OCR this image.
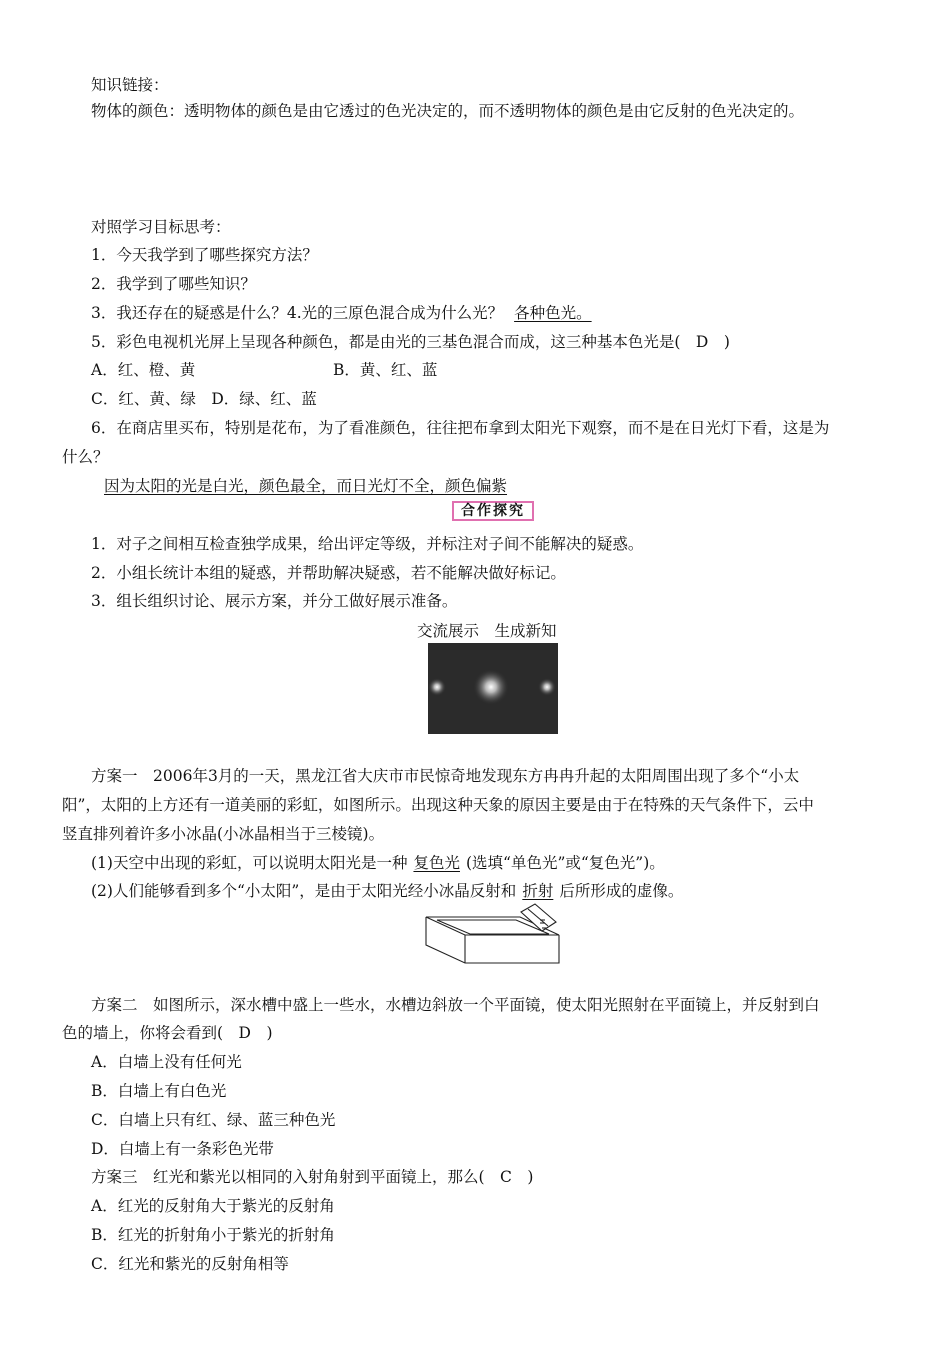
知识链接：
物体的颜色：透明物体的颜色是由它透过的色光决定的，而不透明物体的颜色是由它反射的色光决定的。
对照学习目标思考：
1．今天我学到了哪些探究方法？
2．我学到了哪些知识？
3．我还存在的疑惑是什么？4.光的三原色混合成为什么光？ 各种色光。
5．彩色电视机光屏上呈现各种颜色，都是由光的三基色混合而成，这三种基本色光是(　D　)
A．红、橙、黄	B．黄、红、蓝
C．红、黄、绿　D．绿、红、蓝
6．在商店里买布，特别是花布，为了看准颜色，往往把布拿到太阳光下观察，而不是在日光灯下看，这是为
什么？
因为太阳的光是白光，颜色最全，而日光灯不全，颜色偏紫
合作探究
1．对子之间相互检查独学成果，给出评定等级，并标注对子间不能解决的疑惑。
2．小组长统计本组的疑惑，并帮助解决疑惑，若不能解决做好标记。
3．组长组织讨论、展示方案，并分工做好展示准备。
交流展示　生成新知
方案一　2006年3月的一天，黑龙江省大庆市市民惊奇地发现东方冉冉升起的太阳周围出现了多个“小太
阳”，太阳的上方还有一道美丽的彩虹，如图所示。出现这种天象的原因主要是由于在特殊的天气条件下，云中
竖直排列着许多小冰晶(小冰晶相当于三棱镜)。
(1)天空中出现的彩虹，可以说明太阳光是一种 复色光 (选填“单色光”或“复色光”)。
(2)人们能够看到多个“小太阳”，是由于太阳光经小冰晶反射和 折射 后所形成的虚像。
方案二　如图所示，深水槽中盛上一些水，水槽边斜放一个平面镜，使太阳光照射在平面镜上，并反射到白
色的墙上，你将会看到(　D　)
A．白墙上没有任何光
B．白墙上有白色光
C．白墙上只有红、绿、蓝三种色光
D．白墙上有一条彩色光带
方案三　红光和紫光以相同的入射角射到平面镜上，那么(　C　)
A．红光的反射角大于紫光的反射角
B．红光的折射角小于紫光的折射角
C．红光和紫光的反射角相等
